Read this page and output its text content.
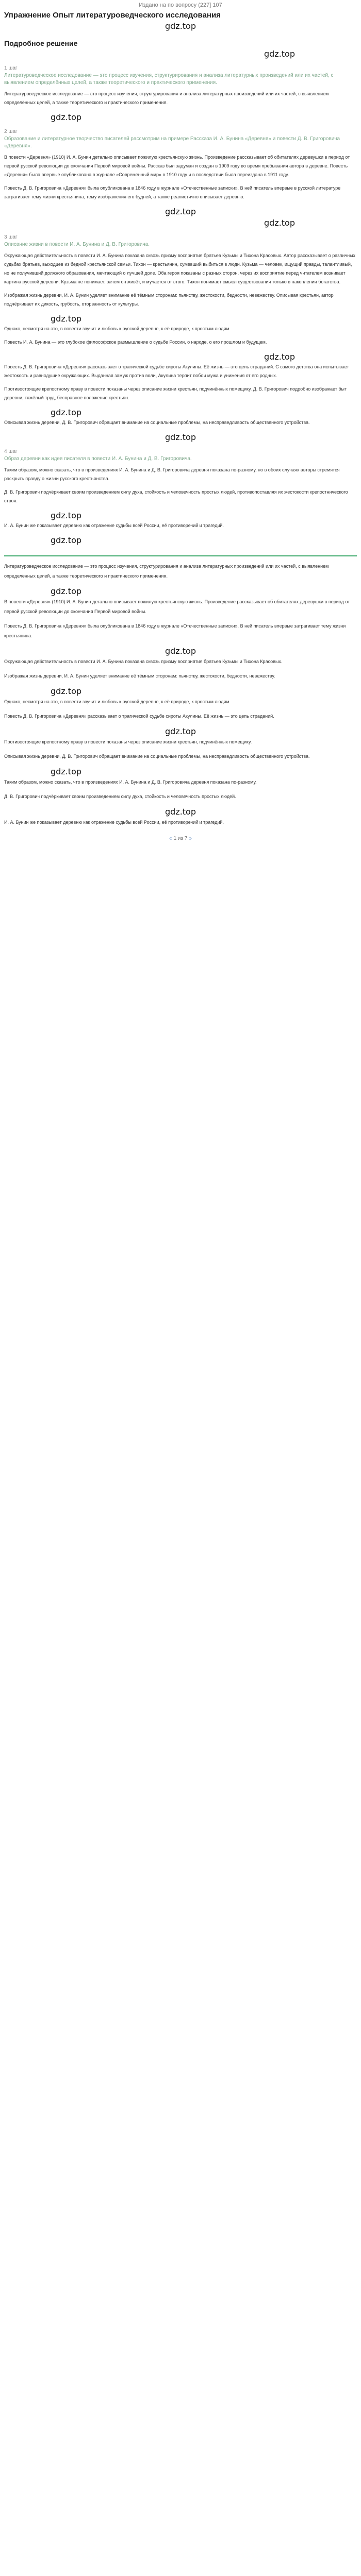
Издано на по вопросу (227] 107
Упражнение Опыт литературоведческого исследования
gdz.top
Подробное решение
gdz.top
1 шаг
Литературоведческое исследование — это процесс изучения, структурирования и анализа литературных произведений или их частей, с выявлением определённых целей, а также теоретического и практического применения.

Литературоведческое исследование — это процесс изучения, структурирования и анализа литературных произведений или их частей, с выявлением определённых целей, а также теоретического и практического применения.

gdz.top
2 шаг
Образование и литературное творчество писателей рассмотрим на примере Рассказа И. А. Бунина «Деревня» и повести Д. В. Григоровича «Деревня».

В повести «Деревня» (1910) И. А. Бунин детально описывает пожилую крестьянскую жизнь. Произведение рассказывает об обитателях деревушки в период от первой русской революции до окончания Первой мировой войны. Рассказ был задуман и создан в 1909 году во время пребывания автора в деревне. Повесть «Деревня» была впервые опубликована в журнале «Современный мир» в 1910 году и в последствии была переиздана в 1911 году.

Повесть Д. В. Григоровича «Деревня» была опубликована в 1846 году в журнале «Отечественные записки». В ней писатель впервые в русской литературе затрагивает тему жизни крестьянина, тему изображения его будней, а также реалистично описывает деревню.

gdz.top
gdz.top
3 шаг
Описание жизни в повести И. А. Бунина и Д. В. Григоровича.

Окружающая действительность в повести И. А. Бунина показана сквозь призму восприятия братьев Кузьмы и Тихона Красовых. Автор рассказывает о различных судьбах братьев, выходцев из бедной крестьянской семьи. Тихон — крестьянин, сумевший выбиться в люди. Кузьма — человек, ищущий правды, талантливый, но не получивший должного образования, мечтающий о лучшей доле. Оба героя показаны с разных сторон, через их восприятие перед читателем возникает картина русской деревни. Кузьма не понимает, зачем он живёт, и мучается от этого. Тихон понимает смысл существования только в накоплении богатства.

Изображая жизнь деревни, И. А. Бунин уделяет внимание её тёмным сторонам: пьянству, жестокости, бедности, невежеству. Описывая крестьян, автор подчёркивает их дикость, грубость, оторванность от культуры.

gdz.top

Однако, несмотря на это, в повести звучит и любовь к русской деревне, к её природе, к простым людям.

Повесть И. А. Бунина — это глубокое философское размышление о судьбе России, о народе, о его прошлом и будущем.

gdz.top

Повесть Д. В. Григоровича «Деревня» рассказывает о трагической судьбе сироты Акулины. Её жизнь — это цепь страданий. С самого детства она испытывает жестокость и равнодушие окружающих. Выданная замуж против воли, Акулина терпит побои мужа и унижения от его родных.

Противостоящие крепостному праву в повести показаны через описание жизни крестьян, подчинённых помещику. Д. В. Григорович подробно изображает быт деревни, тяжёлый труд, бесправное положение крестьян.

gdz.top

Описывая жизнь деревни, Д. В. Григорович обращает внимание на социальные проблемы, на несправедливость общественного устройства.

gdz.top
4 шаг
Образ деревни как идея писателя в повести И. А. Бунина и Д. В. Григоровича.

Таким образом, можно сказать, что в произведениях И. А. Бунина и Д. В. Григоровича деревня показана по-разному, но в обоих случаях авторы стремятся раскрыть правду о жизни русского крестьянства.

Д. В. Григорович подчёркивает своим произведением силу духа, стойкость и человечность простых людей, противопоставляя их жестокости крепостнического строя.

gdz.top

И. А. Бунин же показывает деревню как отражение судьбы всей России, её противоречий и трагедий.

gdz.top

Литературоведческое исследование — это процесс изучения, структурирования и анализа литературных произведений или их частей, с выявлением определённых целей, а также теоретического и практического применения.

gdz.top

В повести «Деревня» (1910) И. А. Бунин детально описывает пожилую крестьянскую жизнь. Произведение рассказывает об обитателях деревушки в период от первой русской революции до окончания Первой мировой войны.

Повесть Д. В. Григоровича «Деревня» была опубликована в 1846 году в журнале «Отечественные записки». В ней писатель впервые затрагивает тему жизни крестьянина.

gdz.top

Окружающая действительность в повести И. А. Бунина показана сквозь призму восприятия братьев Кузьмы и Тихона Красовых.

Изображая жизнь деревни, И. А. Бунин уделяет внимание её тёмным сторонам: пьянству, жестокости, бедности, невежеству.

gdz.top

Однако, несмотря на это, в повести звучит и любовь к русской деревне, к её природе, к простым людям.

Повесть Д. В. Григоровича «Деревня» рассказывает о трагической судьбе сироты Акулины. Её жизнь — это цепь страданий.

gdz.top

Противостоящие крепостному праву в повести показаны через описание жизни крестьян, подчинённых помещику.

Описывая жизнь деревни, Д. В. Григорович обращает внимание на социальные проблемы, на несправедливость общественного устройства.

gdz.top

Таким образом, можно сказать, что в произведениях И. А. Бунина и Д. В. Григоровича деревня показана по-разному.

Д. В. Григорович подчёркивает своим произведением силу духа, стойкость и человечность простых людей.

gdz.top

И. А. Бунин же показывает деревню как отражение судьбы всей России, её противоречий и трагедий.

« 1 из 7 »
